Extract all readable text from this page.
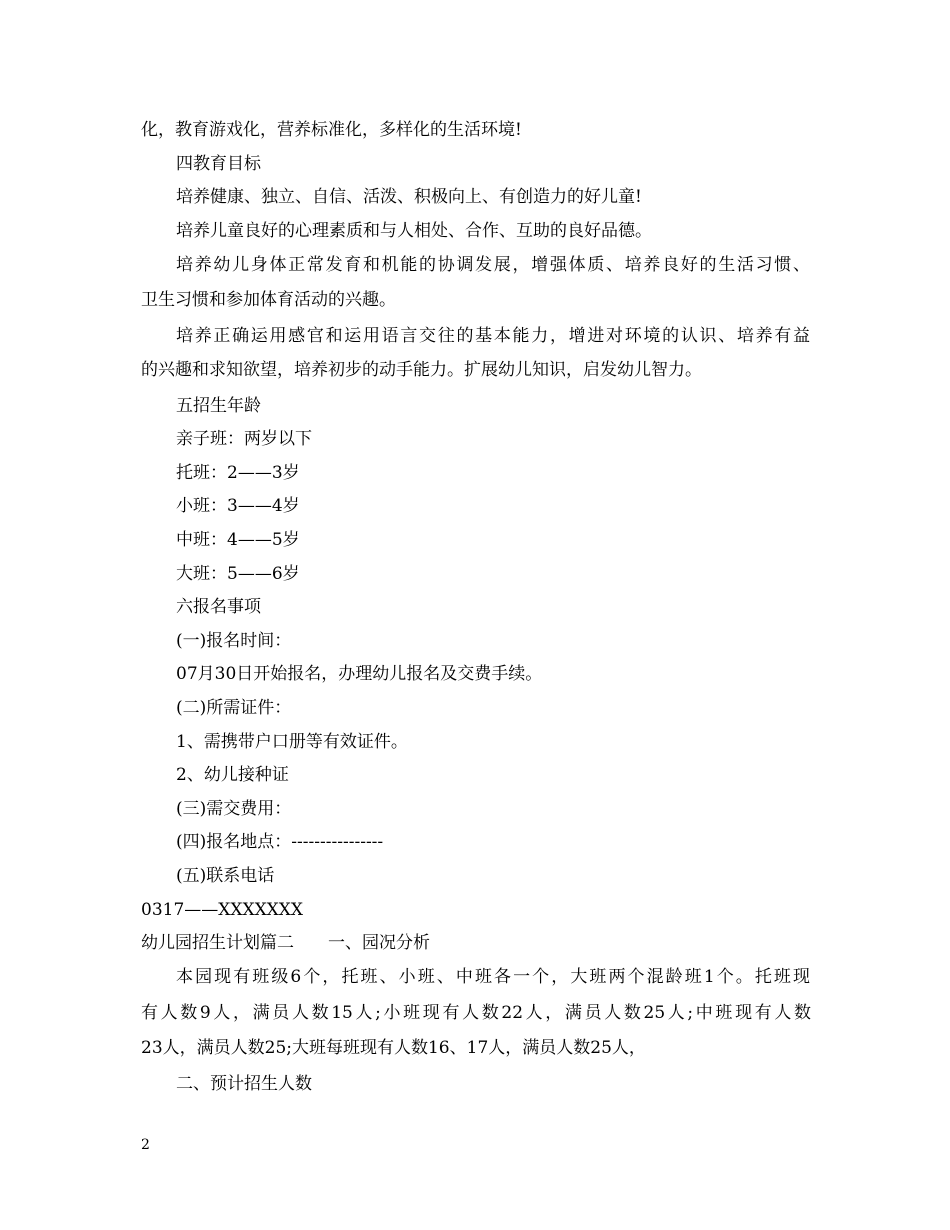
化，教育游戏化，营养标准化，多样化的生活环境!
四教育目标
培养健康、独立、自信、活泼、积极向上、有创造力的好儿童!
培养儿童良好的心理素质和与人相处、合作、互助的良好品德。
培养幼儿身体正常发育和机能的协调发展，增强体质、培养良好的生活习惯、
卫生习惯和参加体育活动的兴趣。
培养正确运用感官和运用语言交往的基本能力，增进对环境的认识、培养有益
的兴趣和求知欲望，培养初步的动手能力。扩展幼儿知识，启发幼儿智力。
五招生年龄
亲子班：两岁以下
托班：2——3岁
小班：3——4岁
中班：4——5岁
大班：5——6岁
六报名事项
(一)报名时间：
07月30日开始报名，办理幼儿报名及交费手续。
(二)所需证件：
1、需携带户口册等有效证件。
2、幼儿接种证
(三)需交费用：
(四)报名地点：----------------
(五)联系电话
0317——XXXXXXX
幼儿园招生计划篇二　　一、园况分析
本园现有班级6个，托班、小班、中班各一个，大班两个混龄班1个。托班现
有人数9人，满员人数15人;小班现有人数22人，满员人数25人;中班现有人数
23人，满员人数25;大班每班现有人数16、17人，满员人数25人，
二、预计招生人数
2
